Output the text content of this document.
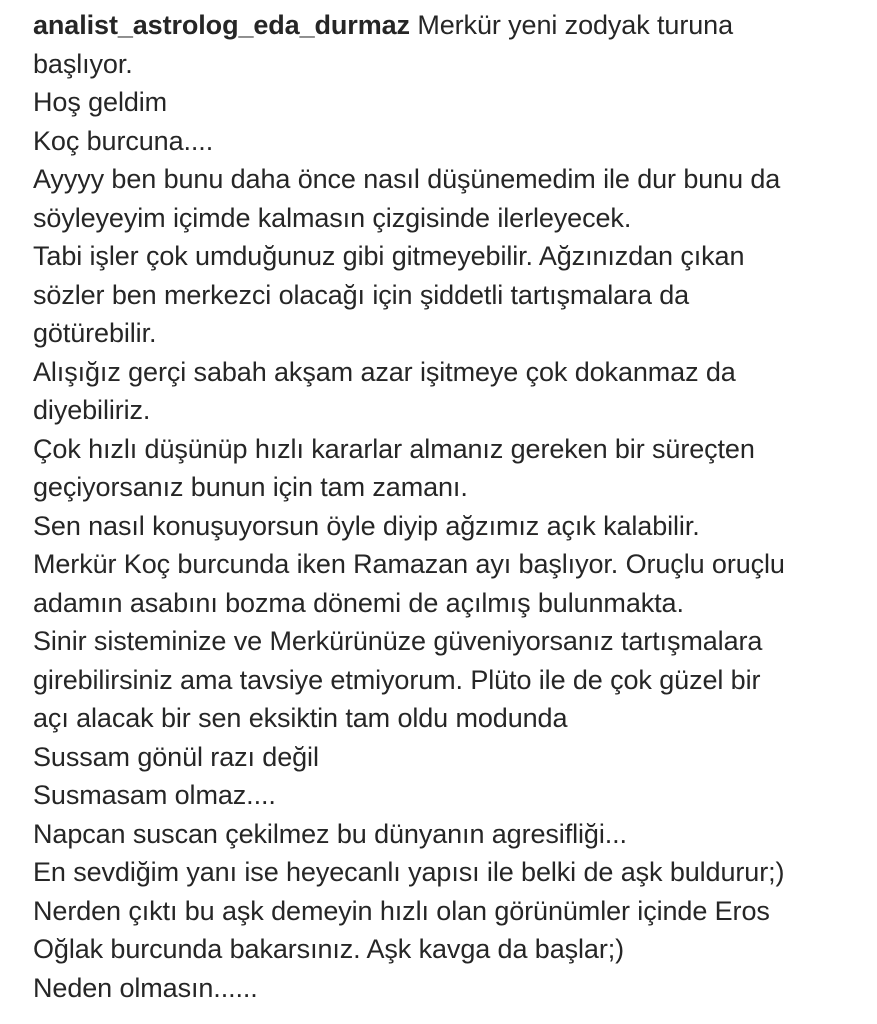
analist_astrolog_eda_durmaz Merkür yeni zodyak turuna
başlıyor.
Hoş geldim
Koç burcuna....
Ayyyy ben bunu daha önce nasıl düşünemedim ile dur bunu da
söyleyeyim içimde kalmasın çizgisinde ilerleyecek.
Tabi işler çok umduğunuz gibi gitmeyebilir. Ağzınızdan çıkan
sözler ben merkezci olacağı için şiddetli tartışmalara da
götürebilir.
Alışığız gerçi sabah akşam azar işitmeye çok dokanmaz da
diyebiliriz.
Çok hızlı düşünüp hızlı kararlar almanız gereken bir süreçten
geçiyorsanız bunun için tam zamanı.
Sen nasıl konuşuyorsun öyle diyip ağzımız açık kalabilir.
Merkür Koç burcunda iken Ramazan ayı başlıyor. Oruçlu oruçlu
adamın asabını bozma dönemi de açılmış bulunmakta.
Sinir sisteminize ve Merkürünüze güveniyorsanız tartışmalara
girebilirsiniz ama tavsiye etmiyorum. Plüto ile de çok güzel bir
açı alacak bir sen eksiktin tam oldu modunda
Sussam gönül razı değil
Susmasam olmaz....
Napcan suscan çekilmez bu dünyanın agresifliği...
En sevdiğim yanı ise heyecanlı yapısı ile belki de aşk buldurur;)
Nerden çıktı bu aşk demeyin hızlı olan görünümler içinde Eros
Oğlak burcunda bakarsınız. Aşk kavga da başlar;)
Neden olmasın......
